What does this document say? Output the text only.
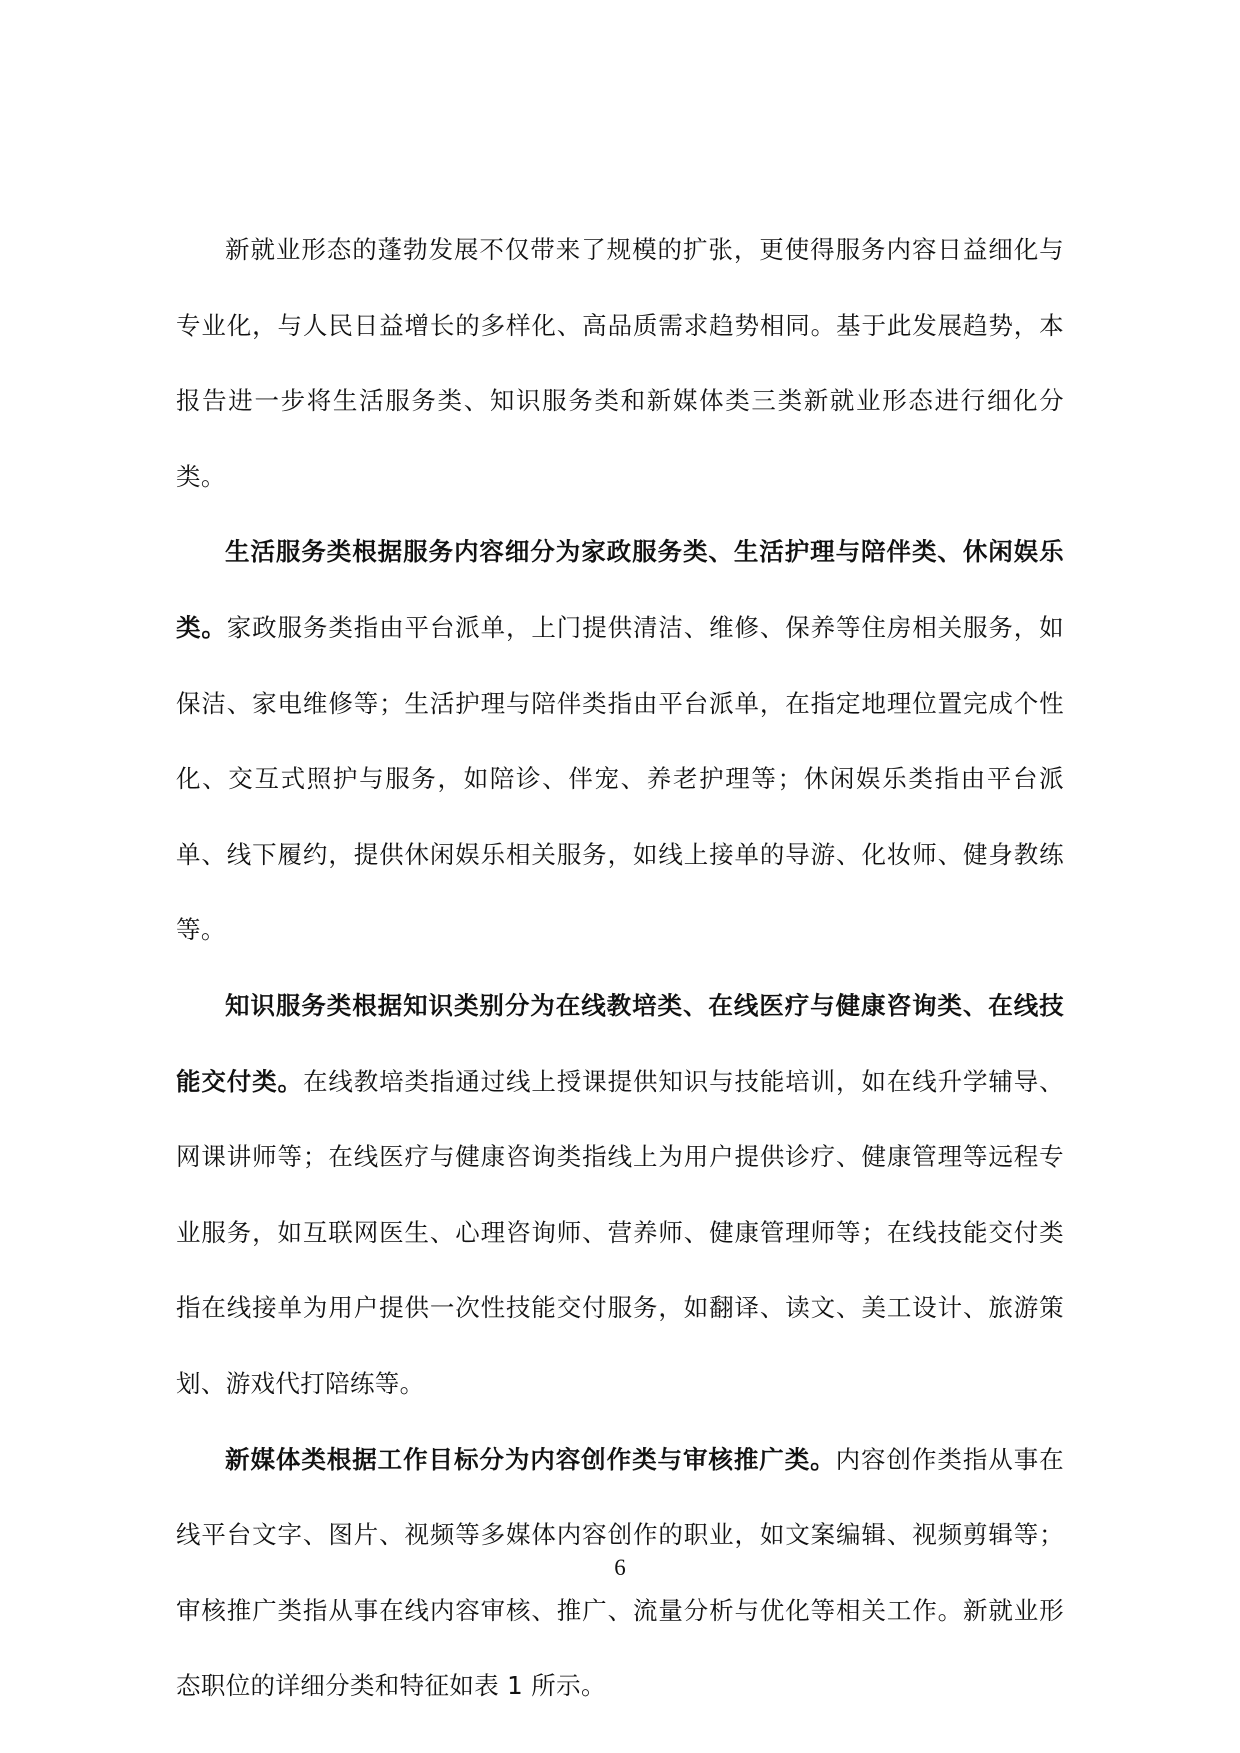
新就业形态的蓬勃发展不仅带来了规模的扩张，更使得服务内容日益细化与专业化，与人民日益增长的多样化、高品质需求趋势相同。基于此发展趋势，本报告进一步将生活服务类、知识服务类和新媒体类三类新就业形态进行细化分类。

生活服务类根据服务内容细分为家政服务类、生活护理与陪伴类、休闲娱乐类。家政服务类指由平台派单，上门提供清洁、维修、保养等住房相关服务，如保洁、家电维修等；生活护理与陪伴类指由平台派单，在指定地理位置完成个性化、交互式照护与服务，如陪诊、伴宠、养老护理等；休闲娱乐类指由平台派单、线下履约，提供休闲娱乐相关服务，如线上接单的导游、化妆师、健身教练等。

知识服务类根据知识类别分为在线教培类、在线医疗与健康咨询类、在线技能交付类。在线教培类指通过线上授课提供知识与技能培训，如在线升学辅导、网课讲师等；在线医疗与健康咨询类指线上为用户提供诊疗、健康管理等远程专业服务，如互联网医生、心理咨询师、营养师、健康管理师等；在线技能交付类指在线接单为用户提供一次性技能交付服务，如翻译、读文、美工设计、旅游策划、游戏代打陪练等。

新媒体类根据工作目标分为内容创作类与审核推广类。内容创作类指从事在线平台文字、图片、视频等多媒体内容创作的职业，如文案编辑、视频剪辑等；审核推广类指从事在线内容审核、推广、流量分析与优化等相关工作。新就业形态职位的详细分类和特征如表 1 所示。

6
